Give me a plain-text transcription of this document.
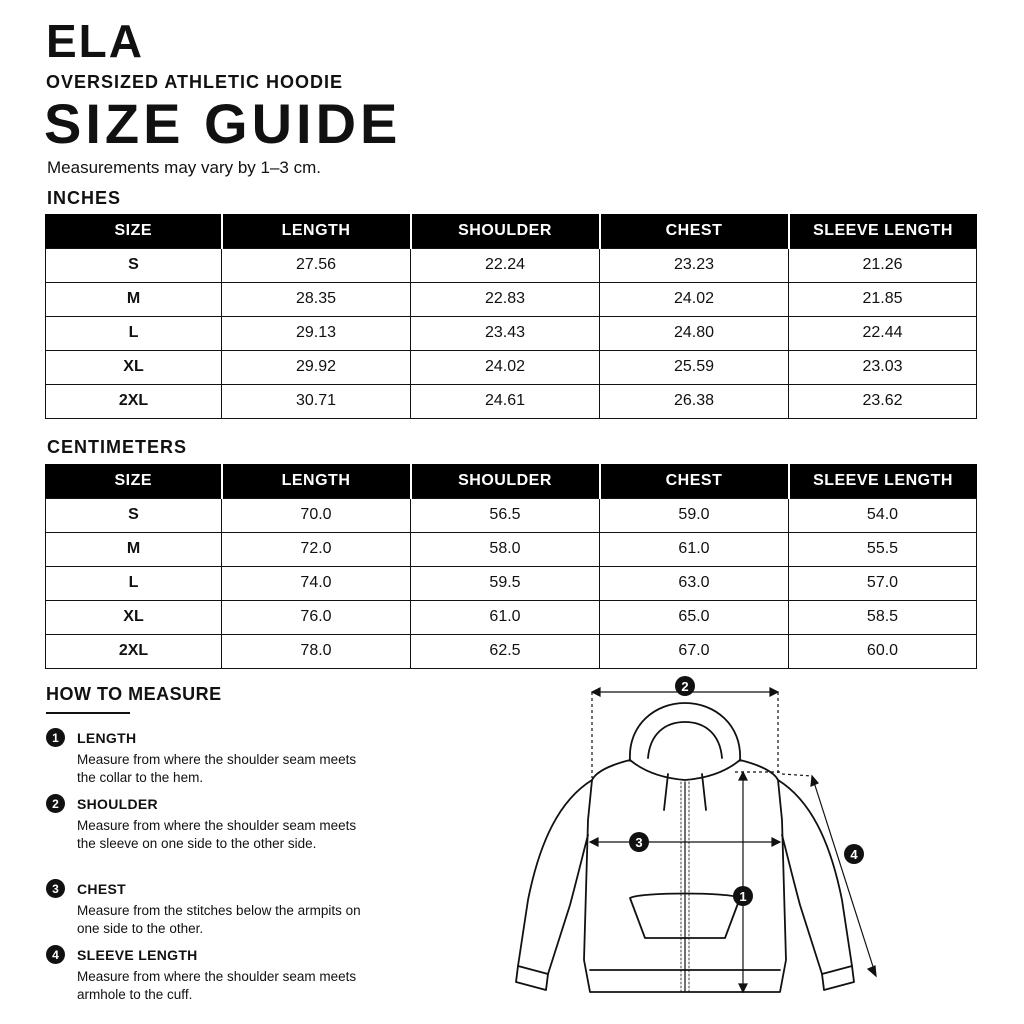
ELA
OVERSIZED ATHLETIC HOODIE
SIZE GUIDE
Measurements may vary by 1–3 cm.
INCHES
SIZE	LENGTH	SHOULDER	CHEST	SLEEVE LENGTH
S	27.56	22.24	23.23	21.26
M	28.35	22.83	24.02	21.85
L	29.13	23.43	24.80	22.44
XL	29.92	24.02	25.59	23.03
2XL	30.71	24.61	26.38	23.62
CENTIMETERS
SIZE	LENGTH	SHOULDER	CHEST	SLEEVE LENGTH
S	70.0	56.5	59.0	54.0
M	72.0	58.0	61.0	55.5
L	74.0	59.5	63.0	57.0
XL	76.0	61.0	65.0	58.5
2XL	78.0	62.5	67.0	60.0
HOW TO MEASURE
1	LENGTH
Measure from where the shoulder seam meets the collar to the hem.
2	SHOULDER
Measure from where the shoulder seam meets the sleeve on one side to the other side.
3	CHEST
Measure from the stitches below the armpits on one side to the other.
4	SLEEVE LENGTH
Measure from where the shoulder seam meets armhole to the cuff.
2
3
1
4
